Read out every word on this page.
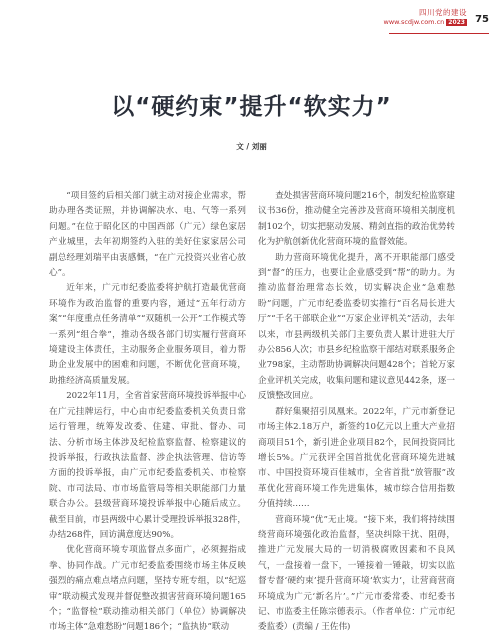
四川党的建设
www.scdjw.com.cn 2023 75
以“硬约束”提升“软实力”
文 / 刘丽

“项目签约后相关部门就主动对接企业需求，帮助办理各类证照，并协调解决水、电、气等一系列问题。”在位于昭化区的中国西部（广元）绿色家居产业城里，去年初期签约入驻的美好住家家居公司副总经理刘瑞平由衷感慨，“在广元投资兴业省心放心”。

近年来，广元市纪委监委将护航打造最优营商环境作为政治监督的重要内容，通过“五年行动方案”“年度重点任务清单”“双随机一公开”工作模式等一系列“组合拳”，推动各级各部门切实履行营商环境建设主体责任，主动服务企业服务项目，着力帮助企业发展中的困难和问题，不断优化营商环境，助推经济高质量发展。

2022年11月，全省首家营商环境投诉举报中心在广元挂牌运行，中心由市纪委监委机关负责日常运行管理，统筹发改委、住建、审批、督办、司法、分析市场主体涉及纪检监察监督、检察建议的投诉举报，行政执法监督、涉企执法管理、信访等方面的投诉举报，由广元市纪委监委机关、市检察院、市司法局、市市场监管局等相关职能部门力量联合办公。县级营商环境投诉举报中心随后成立。截至目前，市县两级中心累计受理投诉举报328件，办结268件，回访满意度达90%。

优化营商环境专项监督点多面广，必须握指成拳、协同作战。广元市纪委监委围绕市场主体反映强烈的痛点难点堵点问题，坚持专班专组，以“纪巡审”联动模式发现并督促整改损害营商环境问题165个；“监督检”联动推动相关部门（单位）协调解决市场主体“急难愁盼”问题186个；“监执协”联动

查处损害营商环境问题216个，制发纪检监察建议书36份，推动健全完善涉及营商环境相关制度机制102个，切实把驱动发展、精剑直指的政治优势转化为护航创新优化营商环境的监督效能。

助力营商环境优化提升，离不开职能部门感受到“督”的压力，也要让企业感受到“帮”的助力。为推动监督治理常态长效，切实解决企业“急难愁盼”问题，广元市纪委监委切实推行“百名局长进大厅”“千名干部联企业”“万家企业评机关”活动，去年以来，市县两级机关部门主要负责人累计进驻大厅办公856人次；市县乡纪检监察干部结对联系服务企业798家，主动帮助协调解决问题428个；首轮万家企业评机关完成，收集问题和建议意见442条，逐一反馈整改回应。

群好集聚招引凤凰来。2022年，广元市新登记市场主体2.18万户，新签约10亿元以上重大产业招商项目51个，新引进企业项目82个，民间投资同比增长5%。广元获评全国首批优化营商环境先进城市、中国投资环境百佳城市，全省首批“放管服”改革优化营商环境工作先进集体，城市综合信用指数分值持续……

营商环境“优”无止境。“接下来，我们将持续围绕营商环境强化政治监督，坚决纠除干扰、阻碍，推进广元发展大局的一切消极腐败因素和不良风气，一盘接着一盘下，一锤接着一锤敲，切实以监督专督‘硬约束’提升营商环境‘软实力’，让营商营商环境成为广元‘新名片’。”广元市委常委、市纪委书记、市监委主任陈宗德表示。（作者单位：广元市纪委监委）(责编 / 王佐伟)
